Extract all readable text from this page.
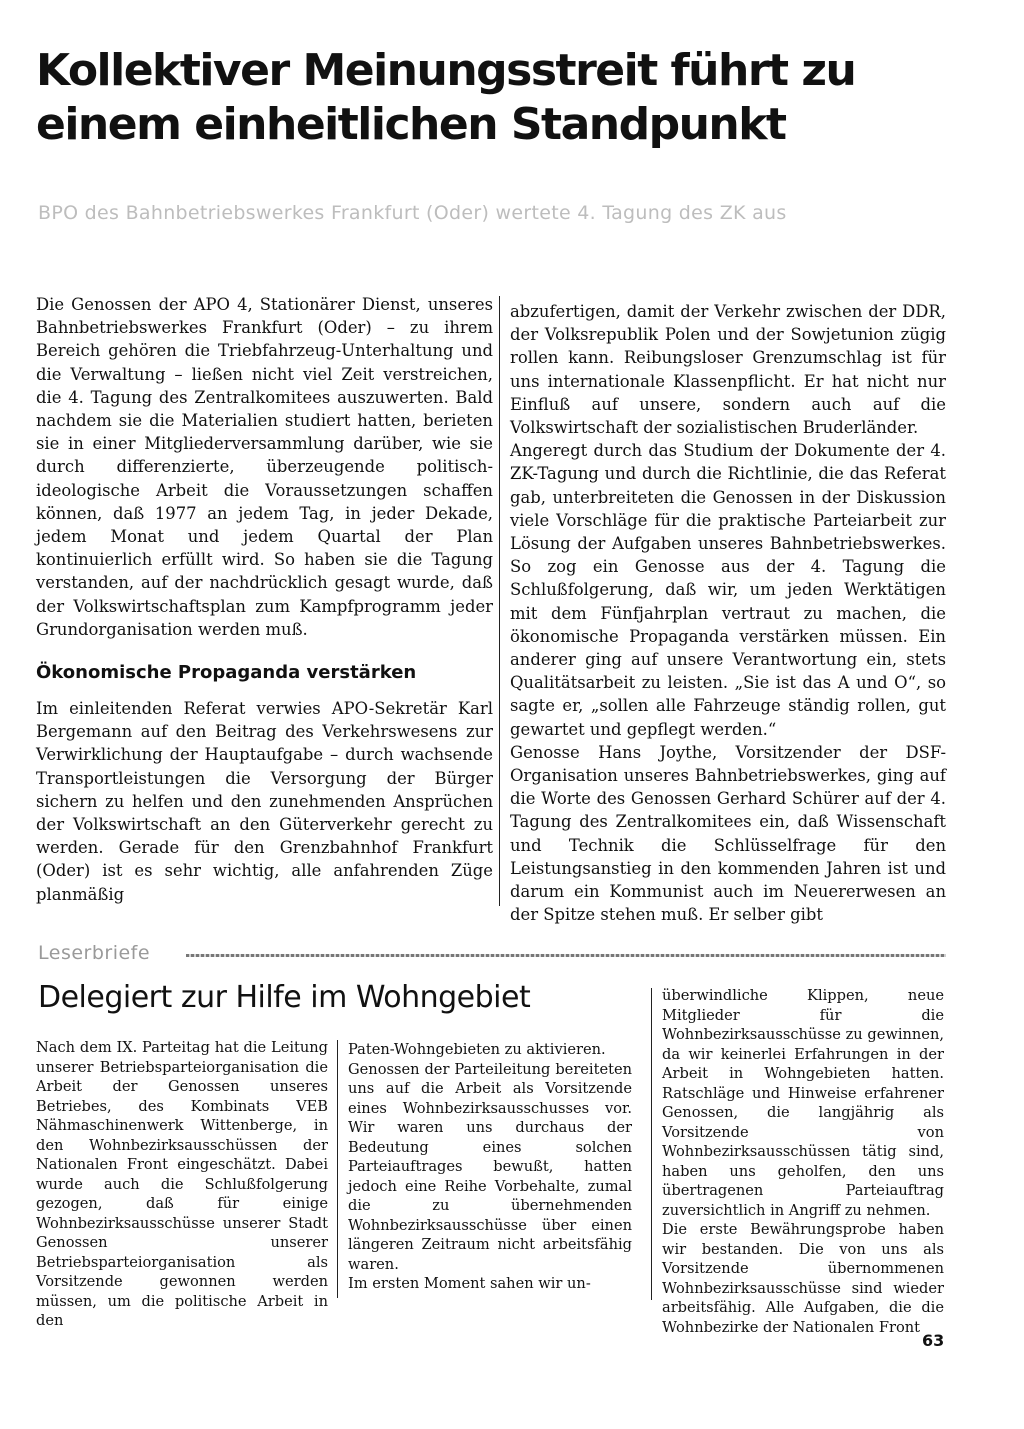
Kollektiver Meinungsstreit führt zu einem einheitlichen Standpunkt

BPO des Bahnbetriebswerkes Frankfurt (Oder) wertete 4. Tagung des ZK aus

Die Genossen der APO 4, Stationärer Dienst, unseres Bahnbetriebswerkes Frankfurt (Oder) – zu ihrem Bereich gehören die Triebfahrzeug-Unterhaltung und die Verwaltung – ließen nicht viel Zeit verstreichen, die 4. Tagung des Zentralkomitees auszuwerten. Bald nachdem sie die Materialien studiert hatten, berieten sie in einer Mitgliederversammlung darüber, wie sie durch differenzierte, überzeugende politisch-ideologische Arbeit die Voraussetzungen schaffen können, daß 1977 an jedem Tag, in jeder Dekade, jedem Monat und jedem Quartal der Plan kontinuierlich erfüllt wird. So haben sie die Tagung verstanden, auf der nachdrücklich gesagt wurde, daß der Volkswirtschaftsplan zum Kampfprogramm jeder Grundorganisation werden muß.

Ökonomische Propaganda verstärken

Im einleitenden Referat verwies APO-Sekretär Karl Bergemann auf den Beitrag des Verkehrswesens zur Verwirklichung der Hauptaufgabe – durch wachsende Transportleistungen die Versorgung der Bürger sichern zu helfen und den zunehmenden Ansprüchen der Volkswirtschaft an den Güterverkehr gerecht zu werden. Gerade für den Grenzbahnhof Frankfurt (Oder) ist es sehr wichtig, alle anfahrenden Züge planmäßig

abzufertigen, damit der Verkehr zwischen der DDR, der Volksrepublik Polen und der Sowjetunion zügig rollen kann. Reibungsloser Grenzumschlag ist für uns internationale Klassenpflicht. Er hat nicht nur Einfluß auf unsere, sondern auch auf die Volkswirtschaft der sozialistischen Bruderländer.

Angeregt durch das Studium der Dokumente der 4. ZK-Tagung und durch die Richtlinie, die das Referat gab, unterbreiteten die Genossen in der Diskussion viele Vorschläge für die praktische Parteiarbeit zur Lösung der Aufgaben unseres Bahnbetriebswerkes. So zog ein Genosse aus der 4. Tagung die Schlußfolgerung, daß wir, um jeden Werktätigen mit dem Fünfjahrplan vertraut zu machen, die ökonomische Propaganda verstärken müssen. Ein anderer ging auf unsere Verantwortung ein, stets Qualitätsarbeit zu leisten. „Sie ist das A und O“, so sagte er, „sollen alle Fahrzeuge ständig rollen, gut gewartet und gepflegt werden.“

Genosse Hans Joythe, Vorsitzender der DSF-Organisation unseres Bahnbetriebswerkes, ging auf die Worte des Genossen Gerhard Schürer auf der 4. Tagung des Zentralkomitees ein, daß Wissenschaft und Technik die Schlüsselfrage für den Leistungsanstieg in den kommenden Jahren ist und darum ein Kommunist auch im Neuererwesen an der Spitze stehen muß. Er selber gibt

Leserbriefe
Delegiert zur Hilfe im Wohngebiet

Nach dem IX. Parteitag hat die Leitung unserer Betriebsparteiorganisation die Arbeit der Genossen unseres Betriebes, des Kombinats VEB Nähmaschinenwerk Wittenberge, in den Wohnbezirksausschüssen der Nationalen Front eingeschätzt. Dabei wurde auch die Schlußfolgerung gezogen, daß für einige Wohnbezirksausschüsse unserer Stadt Genossen unserer Betriebsparteiorganisation als Vorsitzende gewonnen werden müssen, um die politische Arbeit in den

Paten-Wohngebieten zu aktivieren.

Genossen der Parteileitung bereiteten uns auf die Arbeit als Vorsitzende eines Wohnbezirksausschusses vor. Wir waren uns durchaus der Bedeutung eines solchen Parteiauftrages bewußt, hatten jedoch eine Reihe Vorbehalte, zumal die zu übernehmenden Wohnbezirksausschüsse über einen längeren Zeitraum nicht arbeitsfähig waren.

Im ersten Moment sahen wir un-

überwindliche Klippen, neue Mitglieder für die Wohnbezirksausschüsse zu gewinnen, da wir keinerlei Erfahrungen in der Arbeit in Wohngebieten hatten. Ratschläge und Hinweise erfahrener Genossen, die langjährig als Vorsitzende von Wohnbezirksausschüssen tätig sind, haben uns geholfen, den uns übertragenen Parteiauftrag zuversichtlich in Angriff zu nehmen.

Die erste Bewährungsprobe haben wir bestanden. Die von uns als Vorsitzende übernommenen Wohnbezirksausschüsse sind wieder arbeitsfähig. Alle Aufgaben, die die Wohnbezirke der Nationalen Front

63
